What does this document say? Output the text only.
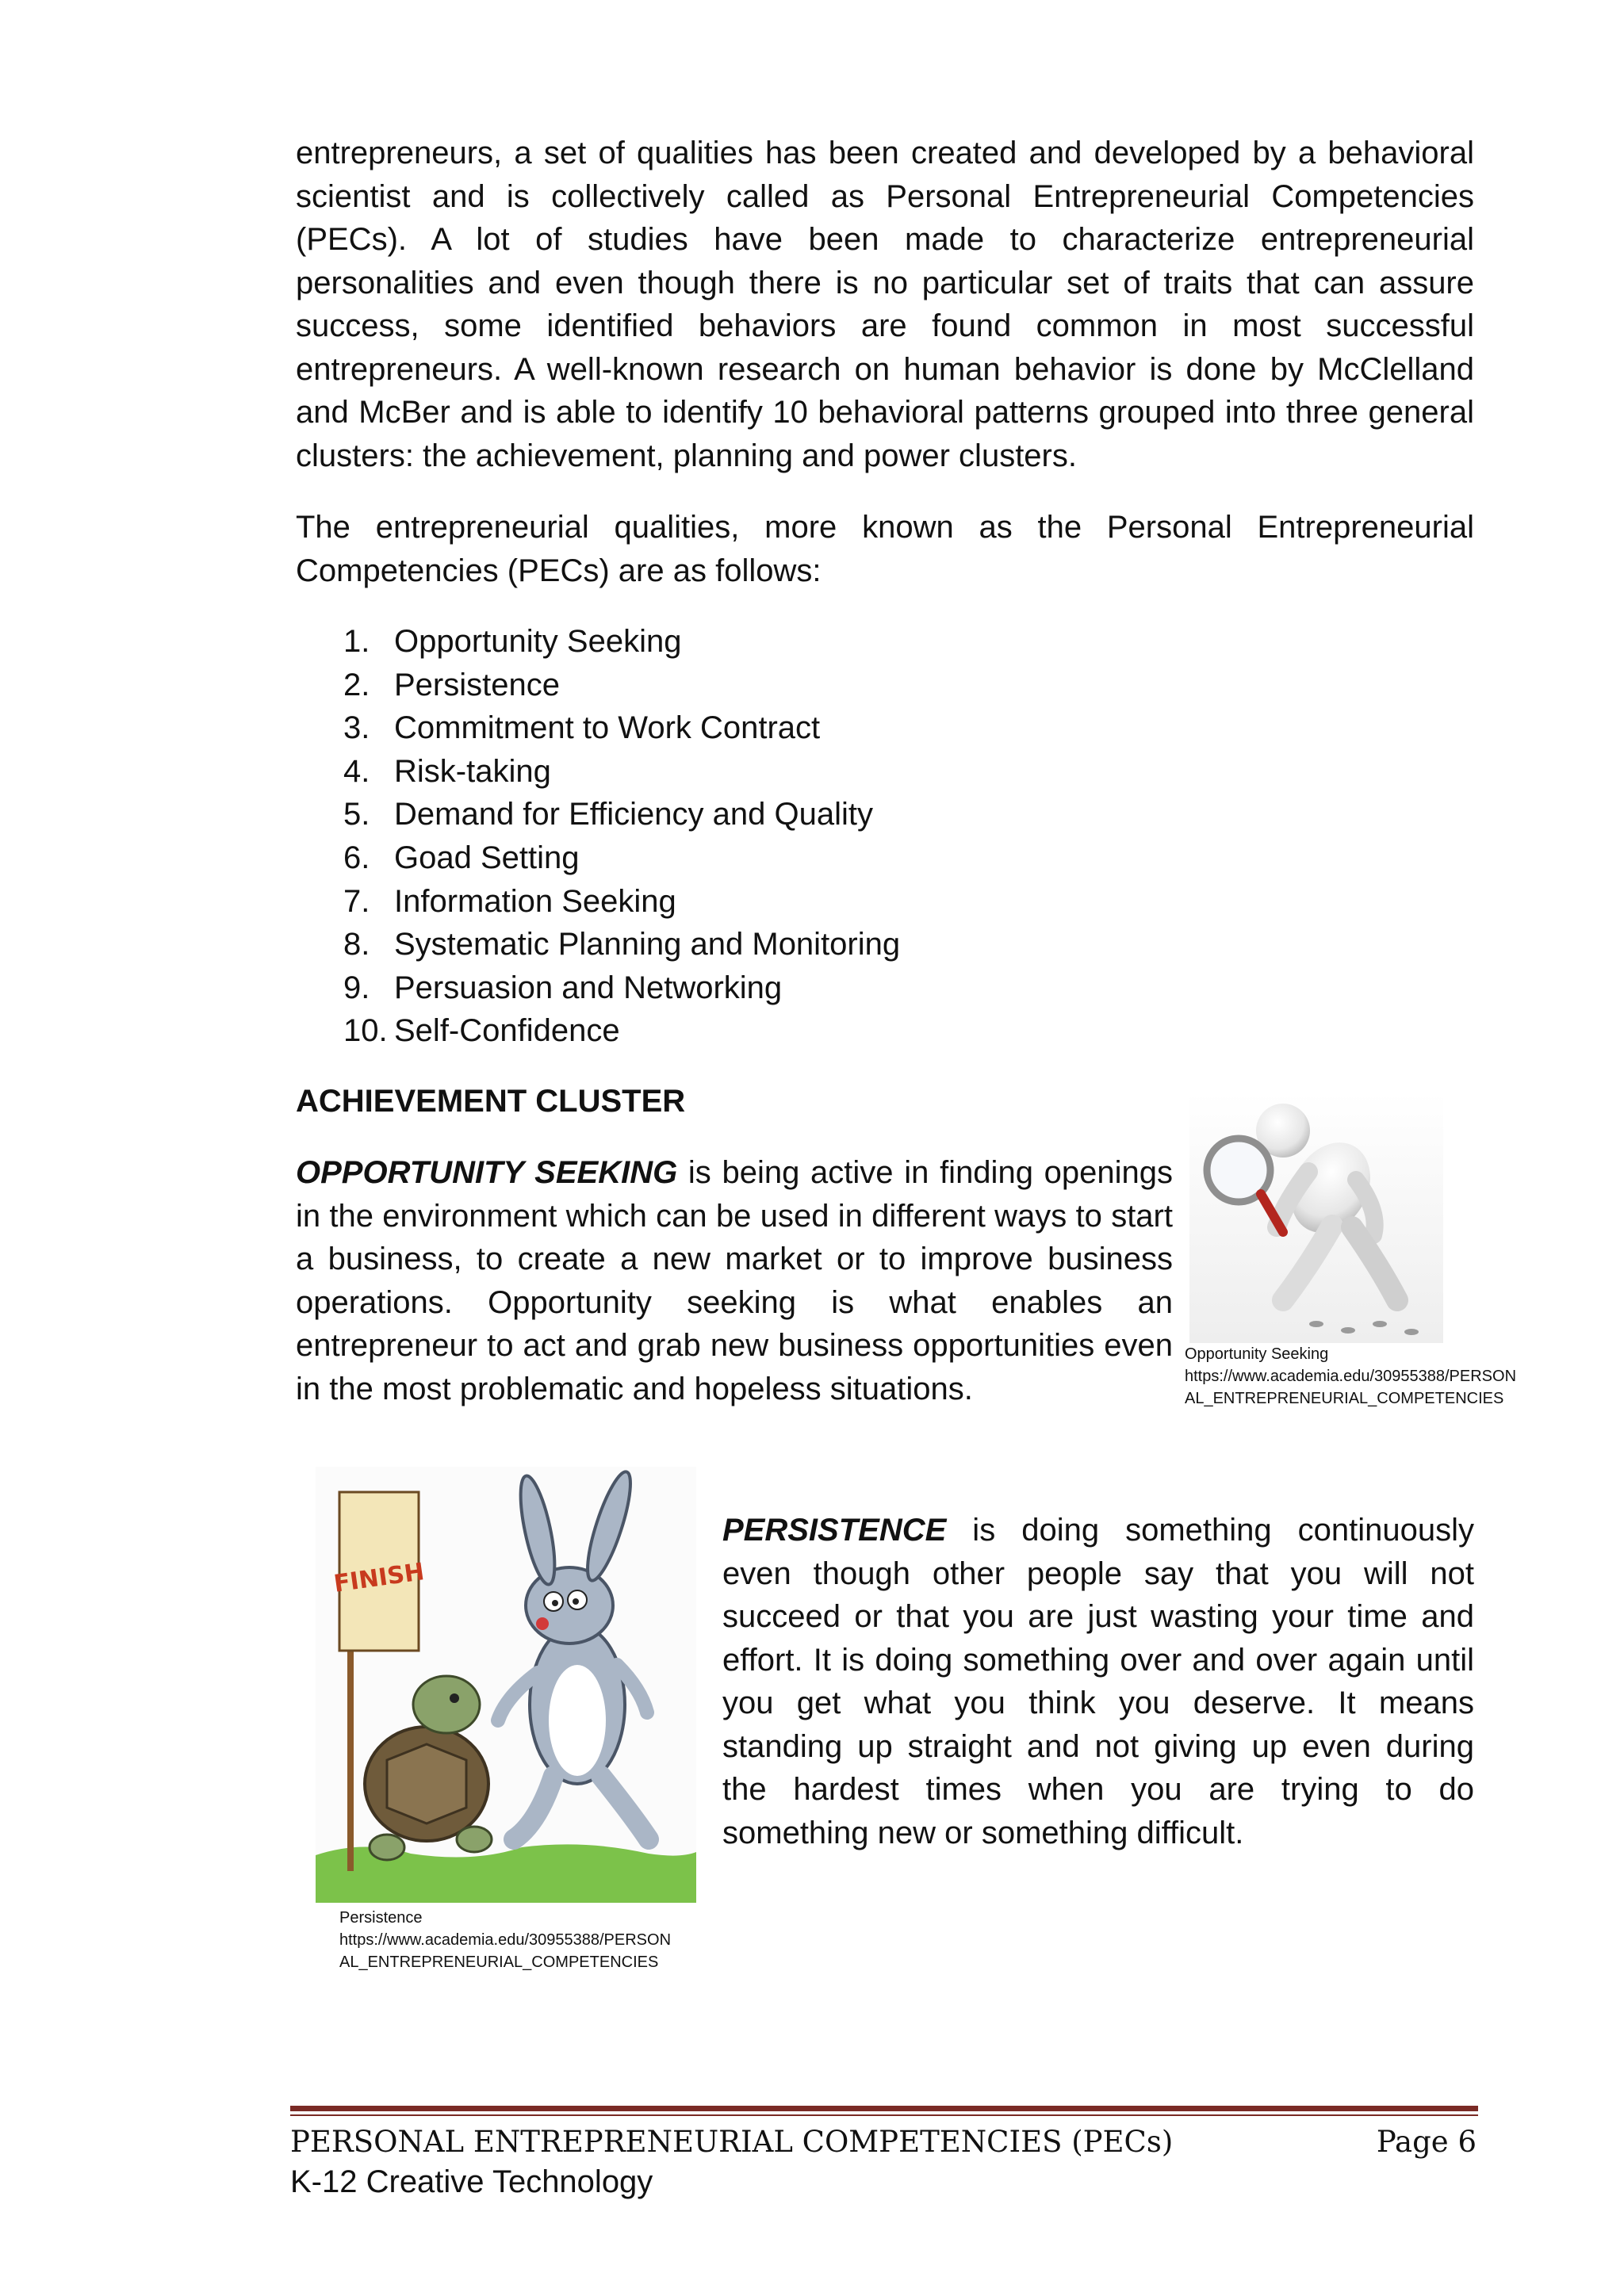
entrepreneurs, a set of qualities has been created and developed by a behavioral scientist and is collectively called as Personal Entrepreneurial Competencies (PECs). A lot of studies have been made to characterize entrepreneurial personalities and even though there is no particular set of traits that can assure success, some identified behaviors are found common in most successful entrepreneurs. A well-known research on human behavior is done by McClelland and McBer and is able to identify 10 behavioral patterns grouped into three general clusters: the achievement, planning and power clusters.

The entrepreneurial qualities, more known as the Personal Entrepreneurial Competencies (PECs) are as follows:

1. Opportunity Seeking
2. Persistence
3. Commitment to Work Contract
4. Risk-taking
5. Demand for Efficiency and Quality
6. Goad Setting
7. Information Seeking
8. Systematic Planning and Monitoring
9. Persuasion and Networking
10. Self-Confidence
ACHIEVEMENT CLUSTER

OPPORTUNITY SEEKING is being active in finding openings in the environment which can be used in different ways to start a business, to create a new market or to improve business operations. Opportunity seeking is what enables an entrepreneur to act and grab new business opportunities even in the most problematic and hopeless situations.

Opportunity Seeking
https://www.academia.edu/30955388/PERSON
AL_ENTREPRENEURIAL_COMPETENCIES
FINISH
Persistence
https://www.academia.edu/30955388/PERSON
AL_ENTREPRENEURIAL_COMPETENCIES

PERSISTENCE is doing something continuously even though other people say that you will not succeed or that you are just wasting your time and effort. It is doing something over and over again until you get what you think you deserve. It means standing up straight and not giving up even during the hardest times when you are trying to do something new or something difficult.

PERSONAL ENTREPRENEURIAL COMPETENCIES (PECs)	Page 6
K-12 Creative Technology
